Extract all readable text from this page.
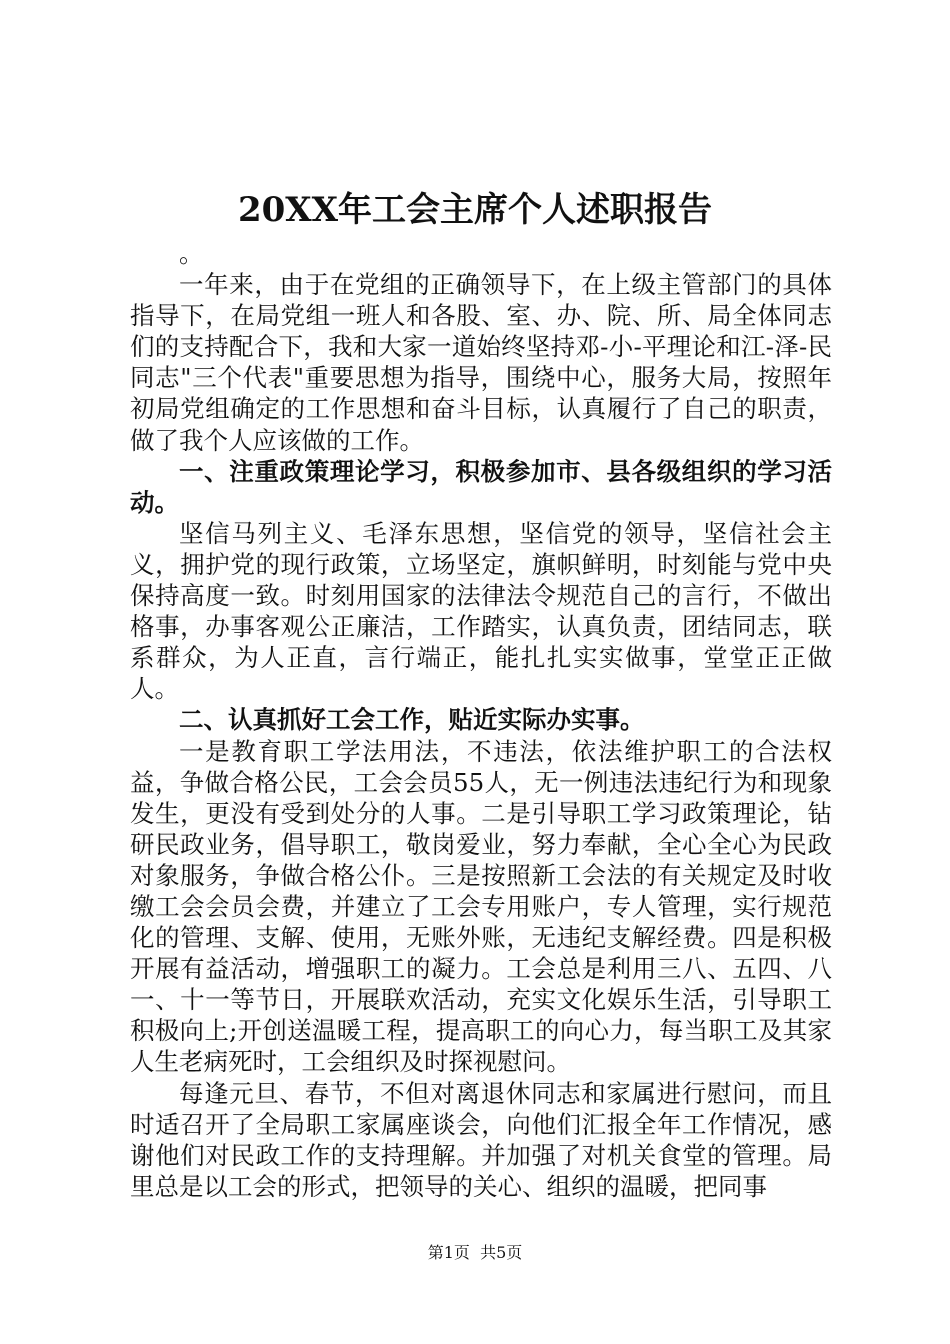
20XX年工会主席个人述职报告

。

一年来，由于在党组的正确领导下，在上级主管部门的具体指导下，在局党组一班人和各股、室、办、院、所、局全体同志们的支持配合下，我和大家一道始终坚持邓-小-平理论和江-泽-民同志"三个代表"重要思想为指导，围绕中心，服务大局，按照年初局党组确定的工作思想和奋斗目标，认真履行了自己的职责，做了我个人应该做的工作。

一、注重政策理论学习，积极参加市、县各级组织的学习活动。

坚信马列主义、毛泽东思想，坚信党的领导，坚信社会主义，拥护党的现行政策，立场坚定，旗帜鲜明，时刻能与党中央保持高度一致。时刻用国家的法律法令规范自己的言行，不做出格事，办事客观公正廉洁，工作踏实，认真负责，团结同志，联系群众，为人正直，言行端正，能扎扎实实做事，堂堂正正做人。

二、认真抓好工会工作，贴近实际办实事。

一是教育职工学法用法，不违法，依法维护职工的合法权益，争做合格公民，工会会员55人，无一例违法违纪行为和现象发生，更没有受到处分的人事。二是引导职工学习政策理论，钻研民政业务，倡导职工，敬岗爱业，努力奉献，全心全心为民政对象服务，争做合格公仆。三是按照新工会法的有关规定及时收缴工会会员会费，并建立了工会专用账户，专人管理，实行规范化的管理、支解、使用，无账外账，无违纪支解经费。四是积极开展有益活动，增强职工的凝力。工会总是利用三八、五四、八一、十一等节日，开展联欢活动，充实文化娱乐生活，引导职工积极向上;开创送温暖工程，提高职工的向心力，每当职工及其家人生老病死时，工会组织及时探视慰问。

每逢元旦、春节，不但对离退休同志和家属进行慰问，而且时适召开了全局职工家属座谈会，向他们汇报全年工作情况，感谢他们对民政工作的支持理解。并加强了对机关食堂的管理。局里总是以工会的形式，把领导的关心、组织的温暖，把同事

第1页  共5页
